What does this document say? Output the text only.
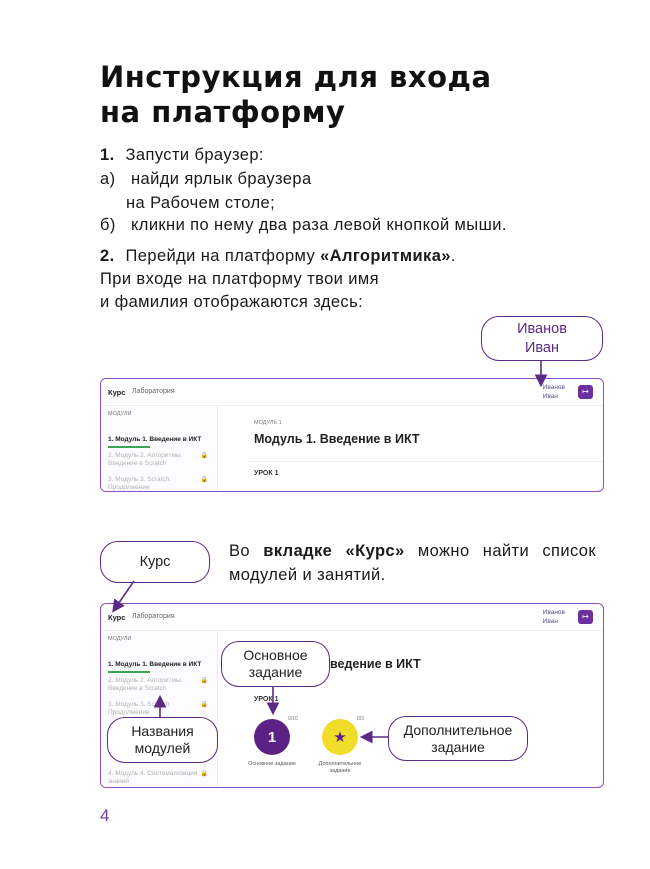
Инструкция для входа
на платформу
1. Запусти браузер:
а) найди ярлык браузера
на Рабочем столе;
б) кликни по нему два раза левой кнопкой мыши.
2. Перейди на платформу «Алгоритмика».
При входе на платформу твои имя
и фамилия отображаются здесь:
Иванов
Иван
Курс Лаборатория
Иванов
Иван
↦
МОДУЛИ
1. Модуль 1. Введение в ИКТ
2. Модуль 2. Алгоритмы.
Введение в Scratch
🔒
3. Модуль 3. Scratch.
Продолжение
🔒
МОДУЛЬ 1
Модуль 1. Введение в ИКТ
УРОК 1
Курс
Во вкладке «Курс» можно найти список
модулей и занятий.
Курс Лаборатория
Иванов
Иван
↦
МОДУЛИ
1. Модуль 1. Введение в ИКТ
2. Модуль 2. Алгоритмы.
Введение в Scratch
🔒
3. Модуль 3. Scratch.
Продолжение
🔒
4. Модуль 4. Систематизация
знаний
🔒
ведение в ИКТ
УРОК 1
1
0/10
Основное задание
★
0/3
Дополнительное
задание
Основное
задание
Названия
модулей
Дополнительное
задание
4
